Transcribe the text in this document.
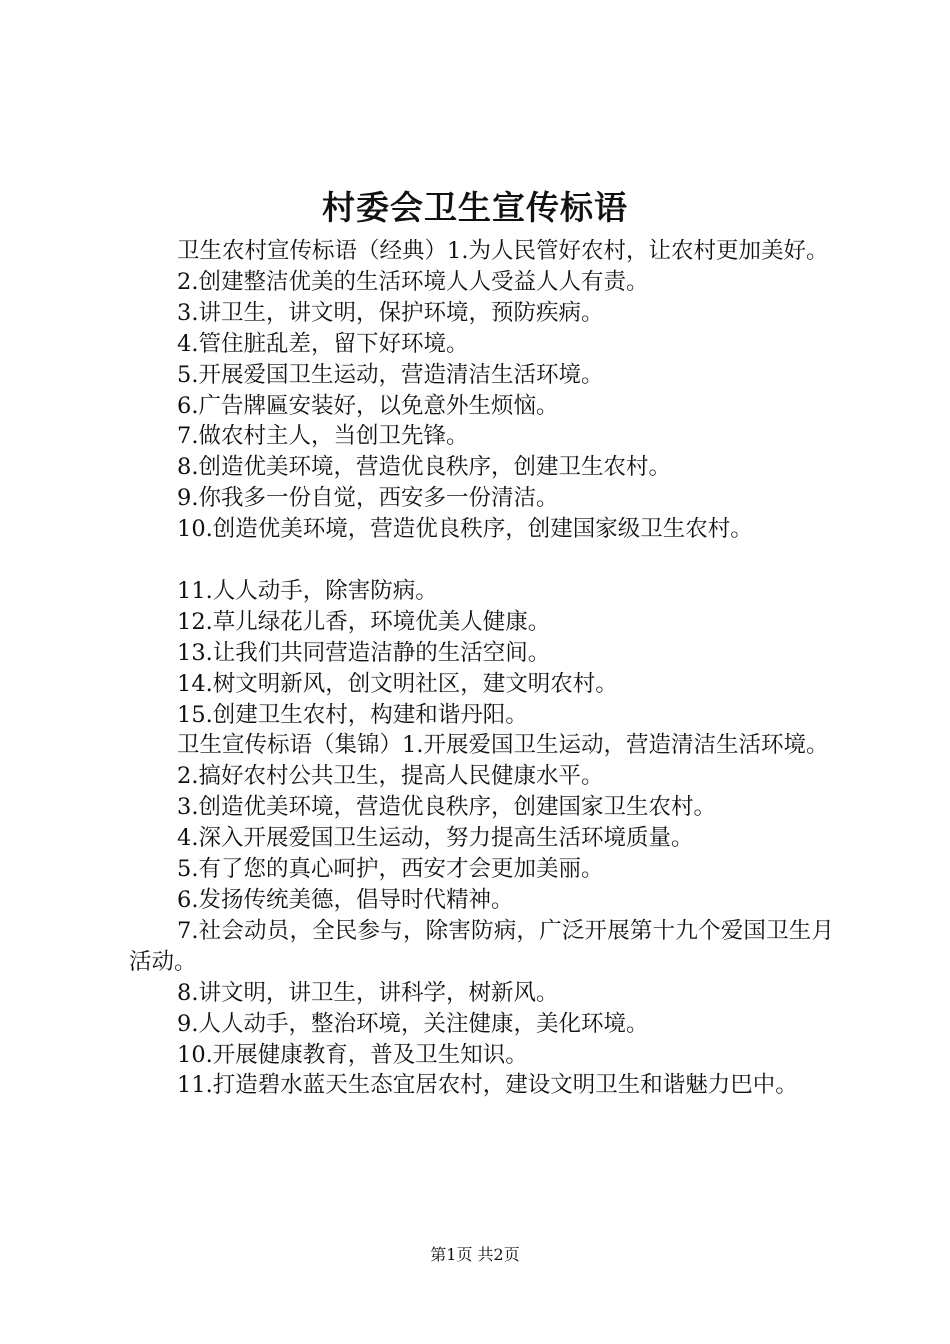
村委会卫生宣传标语

卫生农村宣传标语（经典）1.为人民管好农村，让农村更加美好。

2.创建整洁优美的生活环境人人受益人人有责。

3.讲卫生，讲文明，保护环境，预防疾病。

4.管住脏乱差，留下好环境。

5.开展爱国卫生运动，营造清洁生活环境。

6.广告牌匾安装好，以免意外生烦恼。

7.做农村主人，当创卫先锋。

8.创造优美环境，营造优良秩序，创建卫生农村。

9.你我多一份自觉，西安多一份清洁。

10.创造优美环境，营造优良秩序，创建国家级卫生农村。

11.人人动手，除害防病。

12.草儿绿花儿香，环境优美人健康。

13.让我们共同营造洁静的生活空间。

14.树文明新风，创文明社区，建文明农村。

15.创建卫生农村，构建和谐丹阳。

卫生宣传标语（集锦）1.开展爱国卫生运动，营造清洁生活环境。

2.搞好农村公共卫生，提高人民健康水平。

3.创造优美环境，营造优良秩序，创建国家卫生农村。

4.深入开展爱国卫生运动，努力提高生活环境质量。

5.有了您的真心呵护，西安才会更加美丽。

6.发扬传统美德，倡导时代精神。

7.社会动员，全民参与，除害防病，广泛开展第十九个爱国卫生月活动。

8.讲文明，讲卫生，讲科学，树新风。

9.人人动手，整治环境，关注健康，美化环境。

10.开展健康教育，普及卫生知识。

11.打造碧水蓝天生态宜居农村，建设文明卫生和谐魅力巴中。

第1页 共2页
